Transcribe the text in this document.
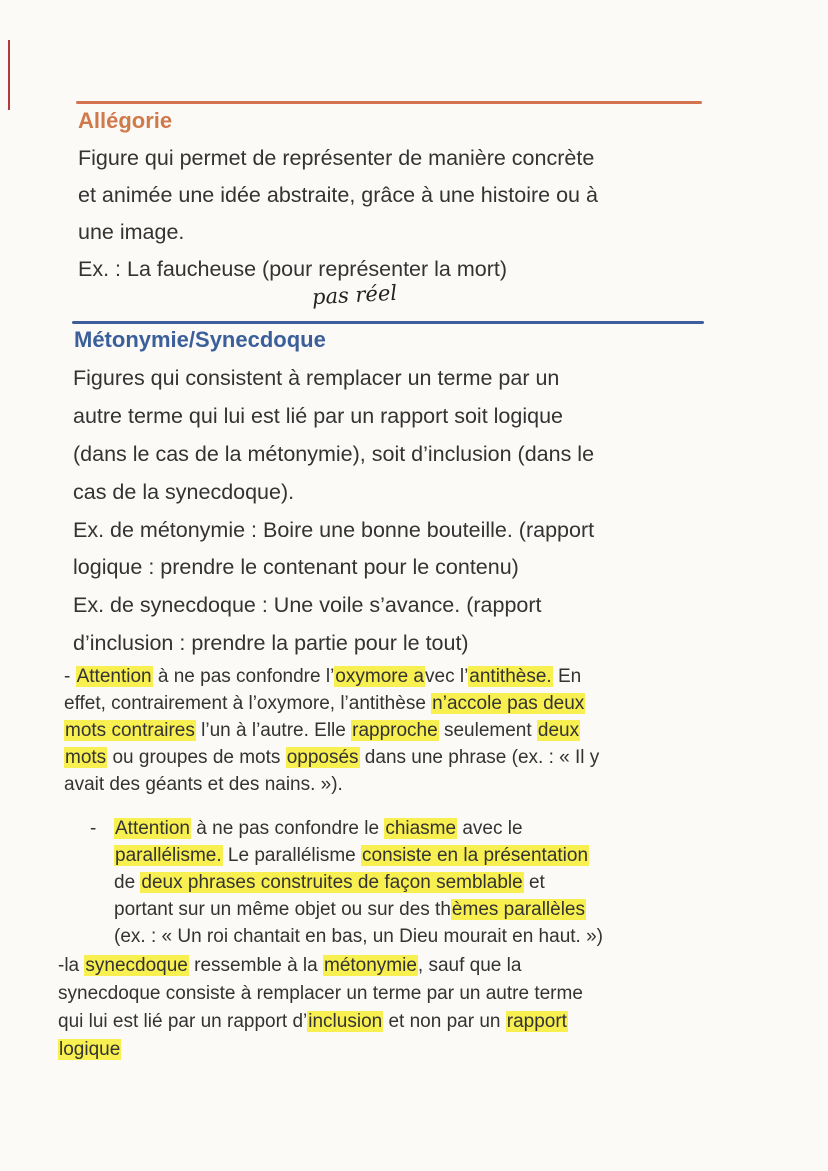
Allégorie

Figure qui permet de représenter de manière concrète

et animée une idée abstraite, grâce à une histoire ou à

une image.

Ex. : La faucheuse (pour représenter la mort)

pas réel
Métonymie/Synecdoque

Figures qui consistent à remplacer un terme par un

autre terme qui lui est lié par un rapport soit logique

(dans le cas de la métonymie), soit d’inclusion (dans le

cas de la synecdoque).

Ex. de métonymie : Boire une bonne bouteille. (rapport

logique : prendre le contenant pour le contenu)

Ex. de synecdoque : Une voile s’avance. (rapport

d’inclusion : prendre la partie pour le tout)

- Attention à ne pas confondre l’oxymore avec l’antithèse. En

effet, contrairement à l’oxymore, l’antithèse n’accole pas deux

mots contraires l’un à l’autre. Elle rapproche seulement deux

mots ou groupes de mots opposés dans une phrase (ex. : « Il y

avait des géants et des nains. »).

- Attention à ne pas confondre le chiasme avec le

parallélisme. Le parallélisme consiste en la présentation

de deux phrases construites de façon semblable et

portant sur un même objet ou sur des thèmes parallèles

(ex. : « Un roi chantait en bas, un Dieu mourait en haut. »)

-la synecdoque ressemble à la métonymie, sauf que la

synecdoque consiste à remplacer un terme par un autre terme

qui lui est lié par un rapport d’inclusion et non par un rapport

logique
